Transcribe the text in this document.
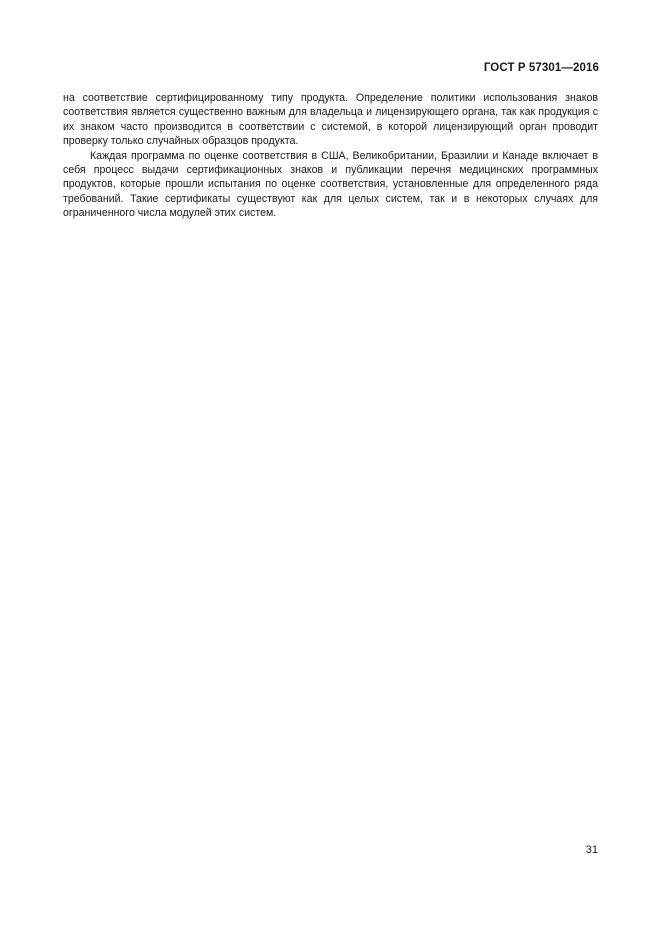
ГОСТ Р 57301—2016

на соответствие сертифицированному типу продукта. Определение политики использования знаков соответствия является существенно важным для владельца и лицензирующего органа, так как продукция с их знаком часто производится в соответствии с системой, в которой лицензирующий орган проводит проверку только случайных образцов продукта.

Каждая программа по оценке соответствия в США, Великобритании, Бразилии и Канаде включает в себя процесс выдачи сертификационных знаков и публикации перечня медицинских программных продуктов, которые прошли испытания по оценке соответствия, установленные для определенного ряда требований. Такие сертификаты существуют как для целых систем, так и в некоторых случаях для ограниченного числа модулей этих систем.

31
